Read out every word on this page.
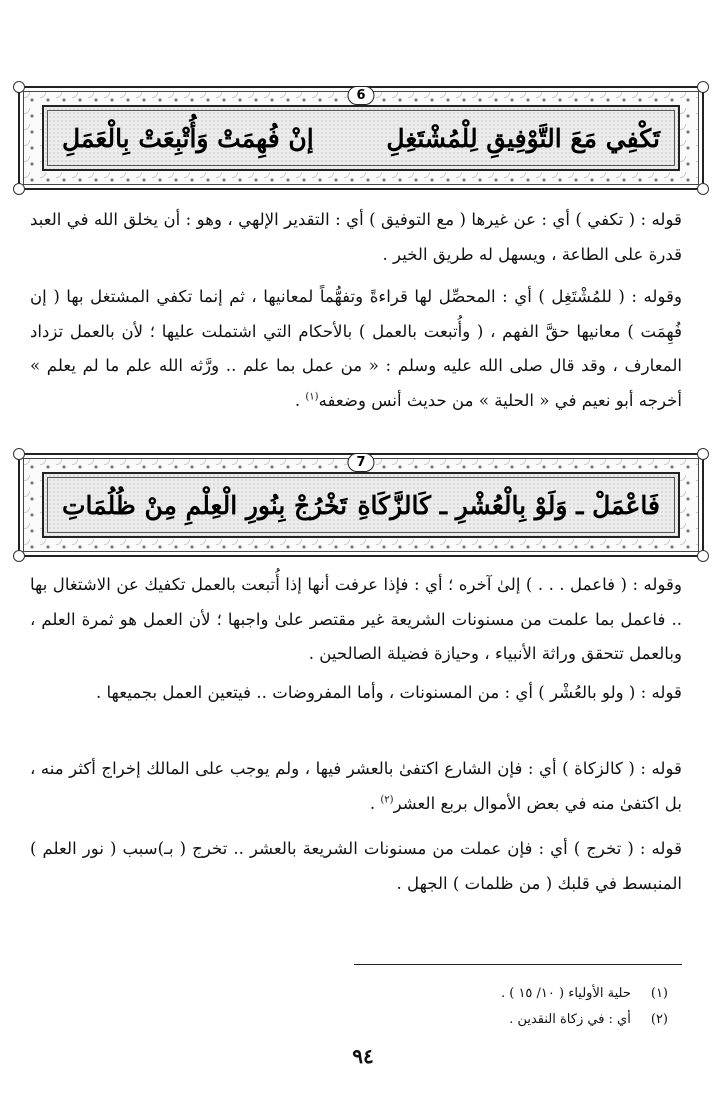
6
تَكْفِي مَعَ التَّوْفِيقِ لِلْمُشْتَغِلِ
إنْ فُهِمَتْ وَأُتْبِعَتْ بِالْعَمَلِ

قوله : ( تكفي ) أي : عن غيرها ( مع التوفيق ) أي : التقدير الإلهي ، وهو : أن يخلق الله في العبد قدرة على الطاعة ، ويسهل له طريق الخير .

وقوله : ( للمُشْتَغِل ) أي : المحصِّل لها قراءةً وتفهُّماً لمعانيها ، ثم إنما تكفي المشتغل بها ( إن فُهِمَت ) معانيها حقَّ الفهم ، ( وأُتبعت بالعمل ) بالأحكام التي اشتملت عليها ؛ لأن بالعمل تزداد المعارف ، وقد قال صلى الله عليه وسلم : « من عمل بما علم .. ورَّثه الله علم ما لم يعلم » أخرجه أبو نعيم في « الحلية » من حديث أنس وضعفه$^{(١)}$ .

7
فَاعْمَلْ ـ وَلَوْ بِالْعُشْرِ ـ كَالزَّكَاةِ
تَخْرُجْ بِنُورِ الْعِلْمِ مِنْ ظُلُمَاتِ

وقوله : ( فاعمل . . . ) إلىٰ آخره ؛ أي : فإذا عرفت أنها إذا أُتبعت بالعمل تكفيك عن الاشتغال بها .. فاعمل بما علمت من مسنونات الشريعة غير مقتصر علىٰ واجبها ؛ لأن العمل هو ثمرة العلم ، وبالعمل تتحقق وراثة الأنبياء ، وحيازة فضيلة الصالحين .

قوله : ( ولو بالعُشْر ) أي : من المسنونات ، وأما المفروضات .. فيتعين العمل بجميعها .

قوله : ( كالزكاة ) أي : فإن الشارع اكتفىٰ بالعشر فيها ، ولم يوجب على المالك إخراج أكثر منه ، بل اكتفىٰ منه في بعض الأموال بربع العشر$^{(٢)}$ .

قوله : ( تخرج ) أي : فإن عملت من مسنونات الشريعة بالعشر .. تخرج ( بـ)سبب ( نور العلم ) المنبسط في قلبك ( من ظلمات ) الجهل .

(١)حلية الأولياء ( ١٠/ ١٥ ) .
(٢)أي : في زكاة النقدين .
٩٤
